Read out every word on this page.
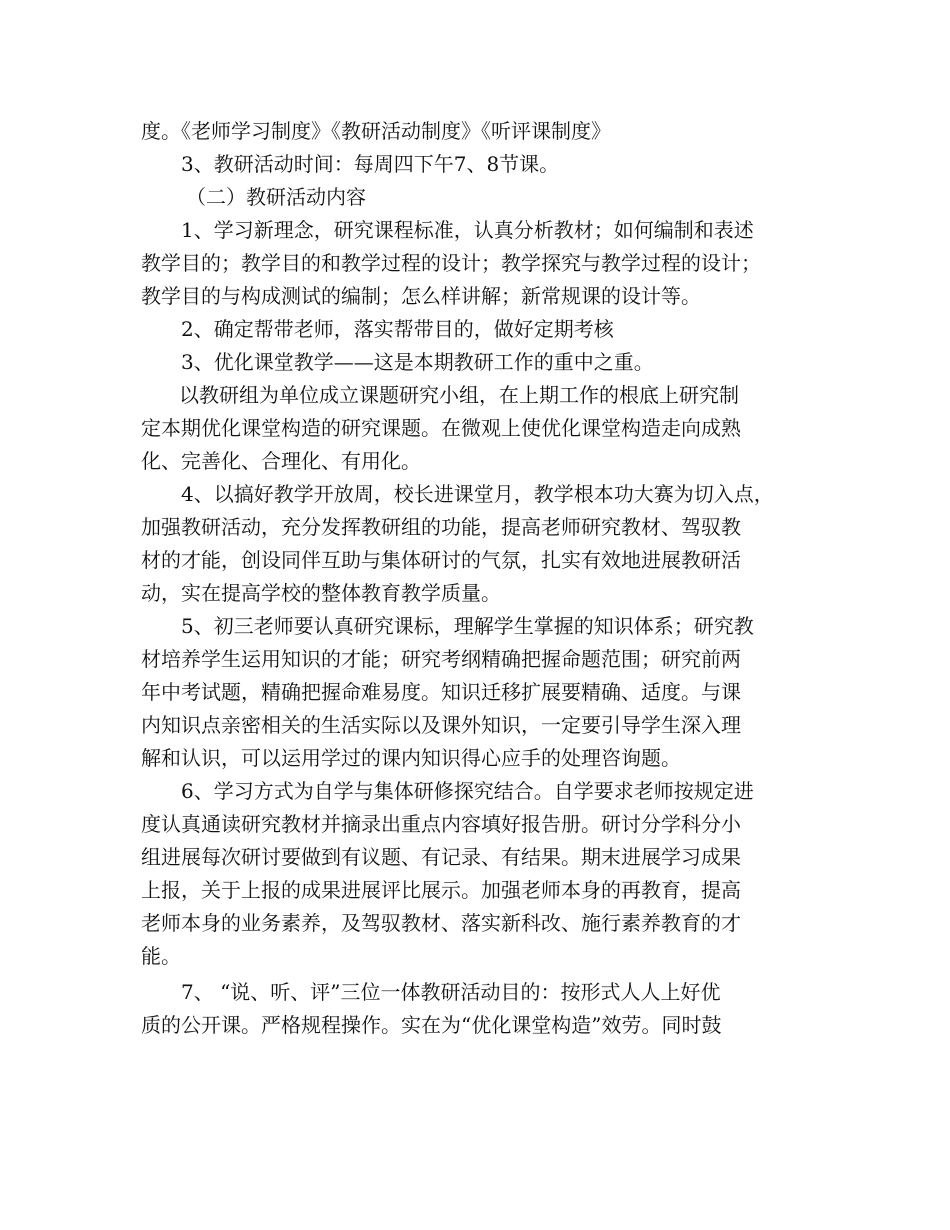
度。《老师学习制度》《教研活动制度》《听评课制度》
3、教研活动时间：每周四下午7、8节课。
（二）教研活动内容
1、学习新理念，研究课程标准，认真分析教材；如何编制和表述
教学目的；教学目的和教学过程的设计；教学探究与教学过程的设计；
教学目的与构成测试的编制；怎么样讲解；新常规课的设计等。
2、确定帮带老师，落实帮带目的，做好定期考核
3、优化课堂教学——这是本期教研工作的重中之重。
以教研组为单位成立课题研究小组，在上期工作的根底上研究制
定本期优化课堂构造的研究课题。在微观上使优化课堂构造走向成熟
化、完善化、合理化、有用化。
4、以搞好教学开放周，校长进课堂月，教学根本功大赛为切入点，
加强教研活动，充分发挥教研组的功能，提高老师研究教材、驾驭教
材的才能，创设同伴互助与集体研讨的气氛，扎实有效地进展教研活
动，实在提高学校的整体教育教学质量。
5、初三老师要认真研究课标，理解学生掌握的知识体系；研究教
材培养学生运用知识的才能；研究考纲精确把握命题范围；研究前两
年中考试题，精确把握命难易度。知识迁移扩展要精确、适度。与课
内知识点亲密相关的生活实际以及课外知识，一定要引导学生深入理
解和认识，可以运用学过的课内知识得心应手的处理咨询题。
6、学习方式为自学与集体研修探究结合。自学要求老师按规定进
度认真通读研究教材并摘录出重点内容填好报告册。研讨分学科分小
组进展每次研讨要做到有议题、有记录、有结果。期末进展学习成果
上报，关于上报的成果进展评比展示。加强老师本身的再教育，提高
老师本身的业务素养，及驾驭教材、落实新科改、施行素养教育的才
能。
7、 “说、听、评”三位一体教研活动目的：按形式人人上好优
质的公开课。严格规程操作。实在为“优化课堂构造”效劳。同时鼓
